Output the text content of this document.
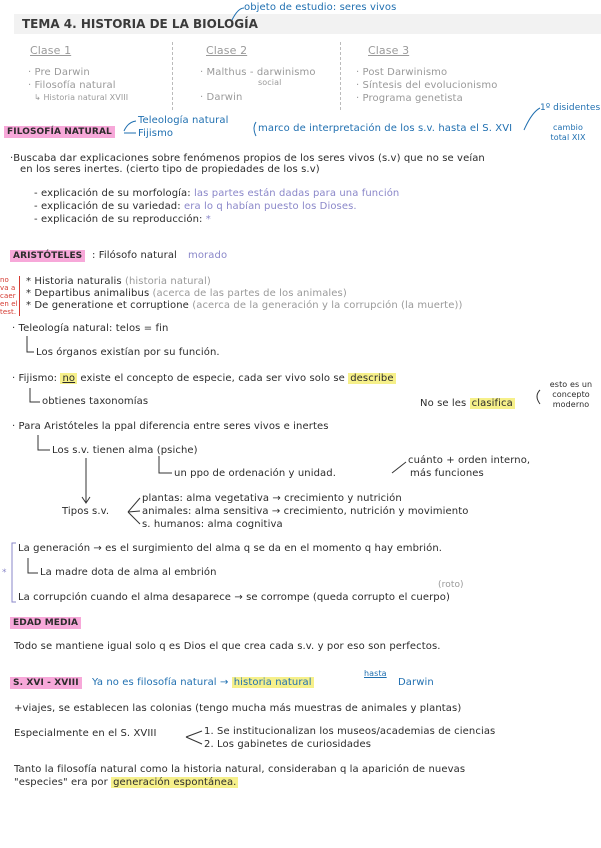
TEMA 4. HISTORIA DE LA BIOLOGÍA
objeto de estudio: seres vivos
Clase 1
· Pre Darwin
· Filosofía natural
↳ Historia natural XVIII
Clase 2
· Malthus - darwinismo
social
· Darwin
Clase 3
· Post Darwinismo
· Síntesis del evolucionismo
· Programa genetista
FILOSOFÍA NATURAL
Teleología natural
Fijismo	marco de interpretación de los s.v. hasta el S. XVI
1º disidentes
cambio total XIX
·Buscaba dar explicaciones sobre fenómenos propios de los seres vivos (s.v) que no se veían
en los seres inertes. (cierto tipo de propiedades de los s.v)
- explicación de su morfología: las partes están dadas para una función
- explicación de su variedad: era lo q habían puesto los Dioses.
- explicación de su reproducción: *
ARISTÓTELES : Filósofo natural morado
no va a caer en el test.
* Historia naturalis (historia natural)
* Departibus animalibus (acerca de las partes de los animales)
* De generatione et corruptione (acerca de la generación y la corrupción (la muerte))
· Teleología natural: telos = fin
Los órganos existían por su función.
· Fijismo: no existe el concepto de especie, cada ser vivo solo se describe
obtienes taxonomías	No se les clasifica
esto es un concepto moderno
· Para Aristóteles la ppal diferencia entre seres vivos e inertes
Los s.v. tienen alma (psiche)
un ppo de ordenación y unidad.
cuánto + orden interno,
más funciones
Tipos s.v.
plantas: alma vegetativa → crecimiento y nutrición
animales: alma sensitiva → crecimiento, nutrición y movimiento
s. humanos: alma cognitiva
*
La generación → es el surgimiento del alma q se da en el momento q hay embrión.
La madre dota de alma al embrión
(roto)
La corrupción cuando el alma desaparece → se corrompe (queda corrupto el cuerpo)
EDAD MEDIA
Todo se mantiene igual solo q es Dios el que crea cada s.v. y por eso son perfectos.
S. XVI - XVIII	Ya no es filosofía natural → historia natural
hasta
Darwin
+viajes, se establecen las colonias (tengo mucha más muestras de animales y plantas)
Especialmente en el S. XVIII	1. Se institucionalizan los museos/academias de ciencias
2. Los gabinetes de curiosidades
Tanto la filosofía natural como la historia natural, consideraban q la aparición de nuevas
"especies" era por generación espontánea.
